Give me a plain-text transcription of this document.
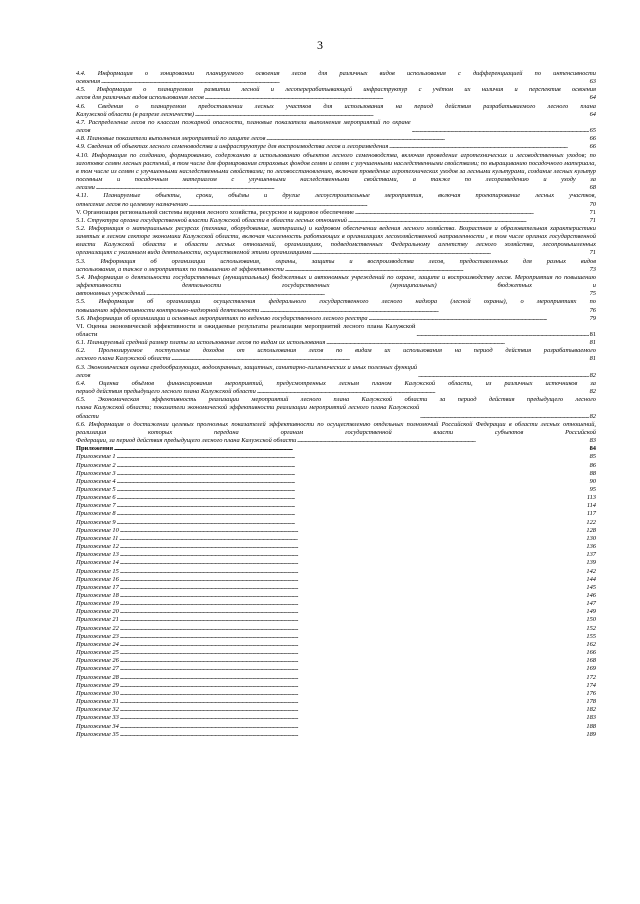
3
4.4. Информация о зонировании планируемого освоения лесов для различных видов использования с дифференциацией по интенсивности
освоения . . .	63
4.5. Информация о планируемом развитии лесной и лесоперерабатывающей инфраструктур с учётом их наличия и перспектив освоения
лесов для различных видов использования лесов . . .	64
4.6. Сведения о планируемом предоставлении лесных участков для использования на период действия разрабатываемого лесного плана
Калужской области (в разрезе лесничеств) . . .	64
4.7. Распределение лесов по классам пожарной опасности, плановые показатели выполнения мероприятий по охране лесов . . .	65
4.8. Плановые показатели выполнения мероприятий по защите лесов . . .	66
4.9. Сведения об объектах лесного семеноводства и инфраструктуре для воспроизводства лесов и лесоразведения . . .	66
4.10. Информация по созданию, формированию, содержанию и использованию объектов лесного семеноводства, включая проведение агротехнических и лесоводственных уходов; по заготовке семян лесных растений, в том числе для формирования страховых фондов семян и семян с улучшенными наследственными свойствами; по выращиванию посадочного материала, в том числе из семян с улучшенными наследственными свойствами; по лесовосстановлению, включая проведение агротехнических уходов за лесными культурами, создание лесных культур посевным и посадочным материалом с улучшенными наследственными свойствами, а также по лесоразведению и уходу за
лесами . . .	68
4.11. Планируемые объекты, сроки, объёмы и другие лесоустроительные мероприятия, включая проектирование лесных участков,
отнесение лесов по целевому назначению . . .	70
V. Организация региональной системы ведения лесного хозяйства, ресурсное и кадровое обеспечение . . .	71
5.1. Структура органа государственной власти Калужской области в области лесных отношений . . .	71
5.2. Информация о материальных ресурсах (техника, оборудование, материалы) и кадровом обеспечении ведения лесного хозяйства. Возрастная и образовательная характеристики занятых в лесном секторе экономики Калужской области, включая численность работающих в организациях лесохозяйственной направленности , в том числе органах государственной власти Калужской области в области лесных отношений, организациях, подведомственных Федеральному агентству лесного хозяйства, лесопромышленных
организациях с указанием вида деятельности, осуществляемой этими организациями . . .	71
5.3. Информация об организации использования, охраны, защиты и воспроизводства лесов, предоставленных для разных видов
использования, а также о мероприятиях по повышению её эффективности . . .	73
5.4. Информация о деятельности государственных (муниципальных) бюджетных и автономных учреждений по охране, защите и воспроизводству лесов. Мероприятия по повышению эффективности деятельности государственных (муниципальных) бюджетных и
автономных учреждений . . .	75
5.5. Информация об организации осуществления федерального государственного лесного надзора (лесной охраны), о мероприятиях по
повышению эффективности контрольно-надзорной деятельности . . .	76
5.6. Информация об организации и основных мероприятиях по ведению государственного лесного реестра . . .	79
VI. Оценка экономической эффективности и ожидаемые результаты реализации мероприятий лесного плана Калужской области . . .	81
6.1. Планируемый средний размер платы за использование лесов по видам их использования . . .	81
6.2. Прогнозируемое поступление доходов от использования лесов по видам их использования на период действия разрабатываемого
лесного плана Калужской области . . .	81
6.3. Экономическая оценка средообразующих, водоохранных, защитных, санитарно-гигиенических и иных полезных функций лесов . . .	82
6.4. Оценка объёмов финансирования мероприятий, предусмотренных лесным планом Калужской области, из различных источников за
период действия предыдущего лесного плана Калужской области . . .	82
6.5. Экономическая эффективность реализации мероприятий лесного плана Калужской области за период действия предыдущего лесного
плана Калужской области; показатели экономической эффективности реализации мероприятий лесного плана Калужской области . . .	82
6.6. Информация о достижении целевых прогнозных показателей эффективности по осуществлению отдельных полномочий Российской Федерации в области лесных отношений, реализация которых передана органам государственной власти субъектов Российской
Федерации, за период действия предыдущего лесного плана Калужской области . . .	83
Приложения . . .	84
Приложение 1 . . .	85
Приложение 2 . . .	86
Приложение 3 . . .	88
Приложение 4 . . .	90
Приложение 5 . . .	95
Приложение 6 . . .	113
Приложение 7 . . .	114
Приложение 8 . . .	117
Приложение 9 . . .	122
Приложение 10 . . .	128
Приложение 11 . . .	130
Приложение 12 . . .	136
Приложение 13 . . .	137
Приложение 14 . . .	139
Приложение 15 . . .	142
Приложение 16 . . .	144
Приложение 17 . . .	145
Приложение 18 . . .	146
Приложение 19 . . .	147
Приложение 20 . . .	149
Приложение 21 . . .	150
Приложение 22 . . .	152
Приложение 23 . . .	155
Приложение 24 . . .	162
Приложение 25 . . .	166
Приложение 26 . . .	168
Приложение 27 . . .	169
Приложение 28 . . .	172
Приложение 29 . . .	174
Приложение 30 . . .	176
Приложение 31 . . .	178
Приложение 32 . . .	182
Приложение 33 . . .	183
Приложение 34 . . .	188
Приложение 35 . . .	189
